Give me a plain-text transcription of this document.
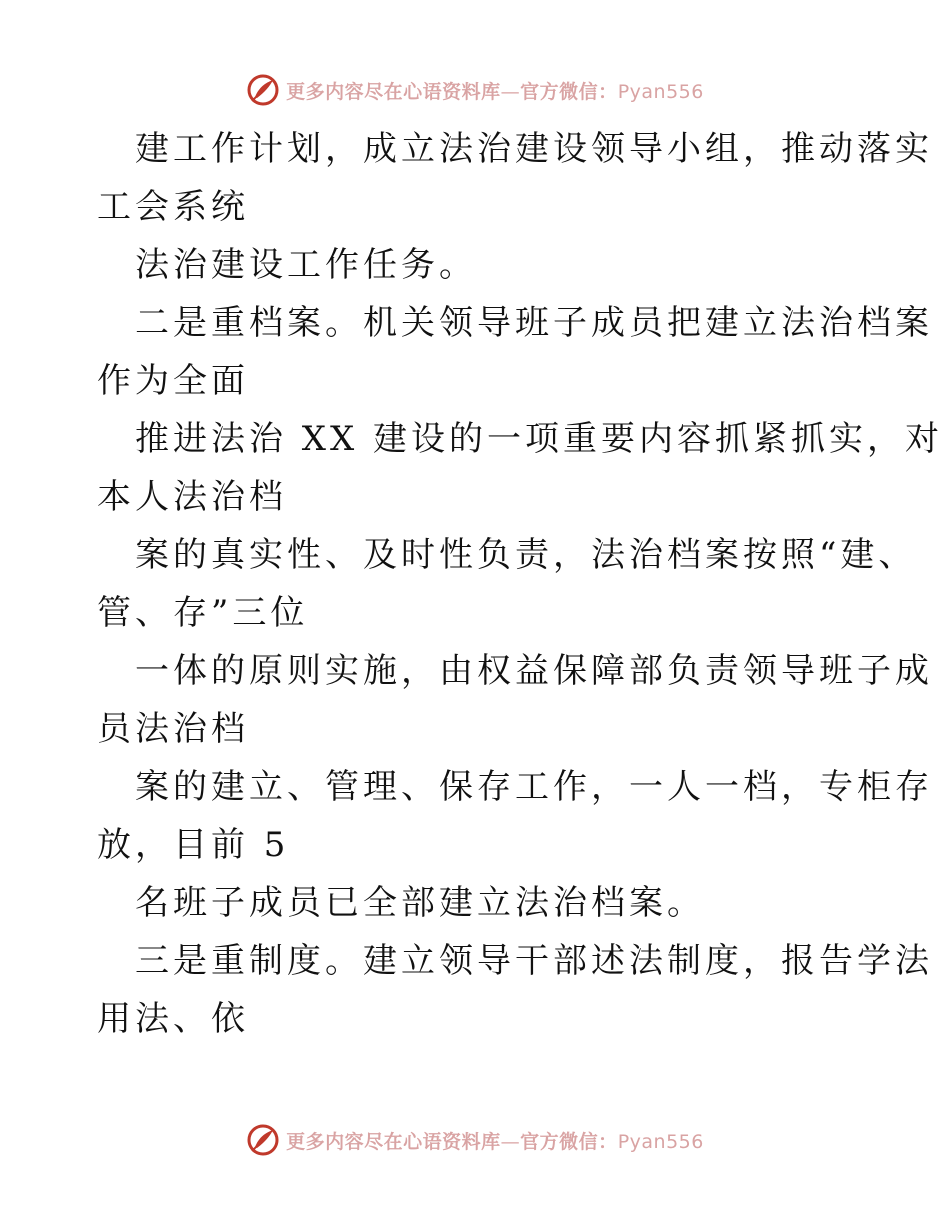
更多内容尽在心语资料库—官方微信：Pyan556
建工作计划，成立法治建设领导小组，推动落实
工会系统
法治建设工作任务。
二是重档案。机关领导班子成员把建立法治档案
作为全面
推进法治 XX 建设的一项重要内容抓紧抓实，对
本人法治档
案的真实性、及时性负责，法治档案按照“建、
管、存”三位
一体的原则实施，由权益保障部负责领导班子成
员法治档
案的建立、管理、保存工作，一人一档，专柜存
放，目前 5
名班子成员已全部建立法治档案。
三是重制度。建立领导干部述法制度，报告学法
用法、依
更多内容尽在心语资料库—官方微信：Pyan556
